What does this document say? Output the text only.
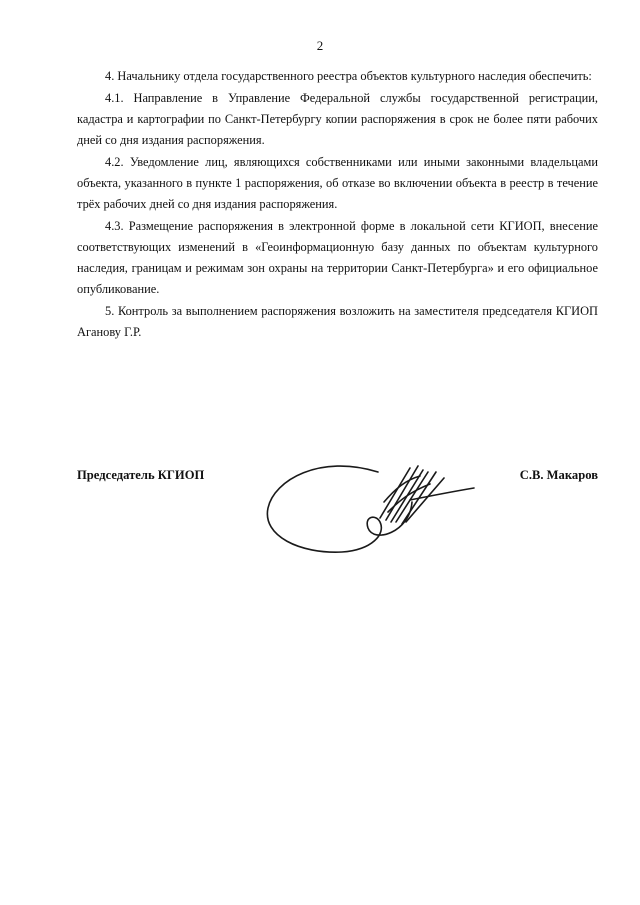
2

4. Начальнику отдела государственного реестра объектов культурного наследия обеспечить:

4.1. Направление в Управление Федеральной службы государственной регистрации, кадастра и картографии по Санкт-Петербургу копии распоряжения в срок не более пяти рабочих дней со дня издания распоряжения.

4.2. Уведомление лиц, являющихся собственниками или иными законными владельцами объекта, указанного в пункте 1 распоряжения, об отказе во включении объекта в реестр в течение трёх рабочих дней со дня издания распоряжения.

4.3. Размещение распоряжения в электронной форме в локальной сети КГИОП, внесение соответствующих изменений в «Геоинформационную базу данных по объектам культурного наследия, границам и режимам зон охраны на территории Санкт-Петербурга» и его официальное опубликование.

5. Контроль за выполнением распоряжения возложить на заместителя председателя КГИОП Аганову Г.Р.

Председатель КГИОП	С.В. Макаров
